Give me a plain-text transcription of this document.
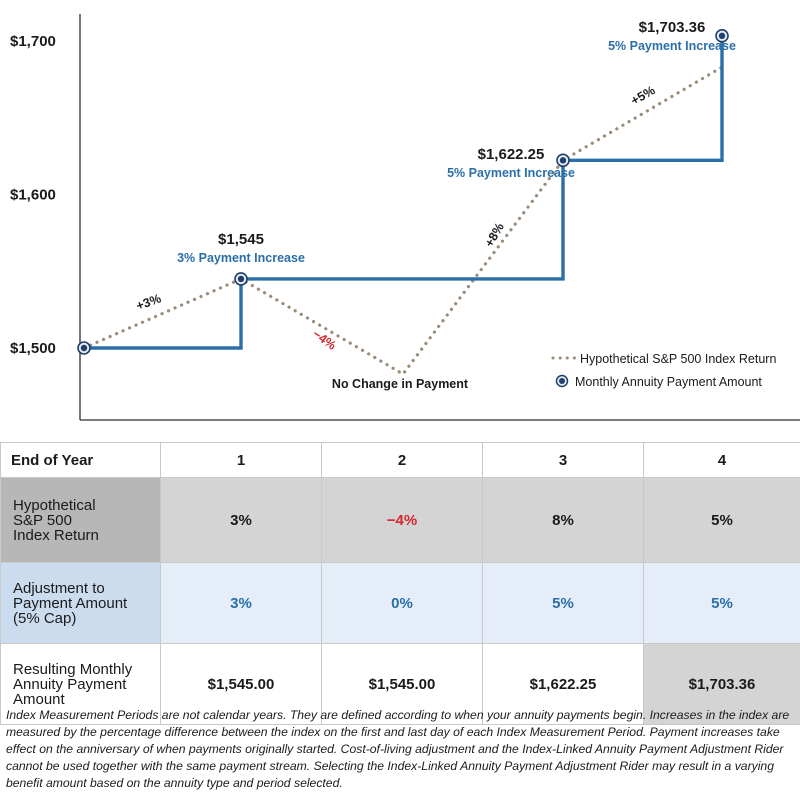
$1,500
$1,600
$1,700
+3%
−4%
+8%
+5%
$1,545
3% Payment Increase
$1,622.25
5% Payment Increase
$1,703.36
5% Payment Increase
No Change in Payment
Hypothetical S&P 500 Index Return
Monthly Annuity Payment Amount
End of Year	1	2	3	4

Hypothetical
S&P 500
Index Return	3%	−4%	8%	5%

Adjustment to
Payment Amount
(5% Cap)	3%	0%	5%	5%

Resulting Monthly
Annuity Payment
Amount	$1,545.00	$1,545.00	$1,622.25	$1,703.36
Index Measurement Periods are not calendar years. They are defined according to when your annuity payments begin. Increases in the index are measured by the percentage difference between the index on the first and last day of each Index Measurement Period. Payment increases take effect on the anniversary of when payments originally started. Cost-of-living adjustment and the Index-Linked Annuity Payment Adjustment Rider cannot be used together with the same payment stream. Selecting the Index-Linked Annuity Payment Adjustment Rider may result in a varying benefit amount based on the annuity type and period selected.
